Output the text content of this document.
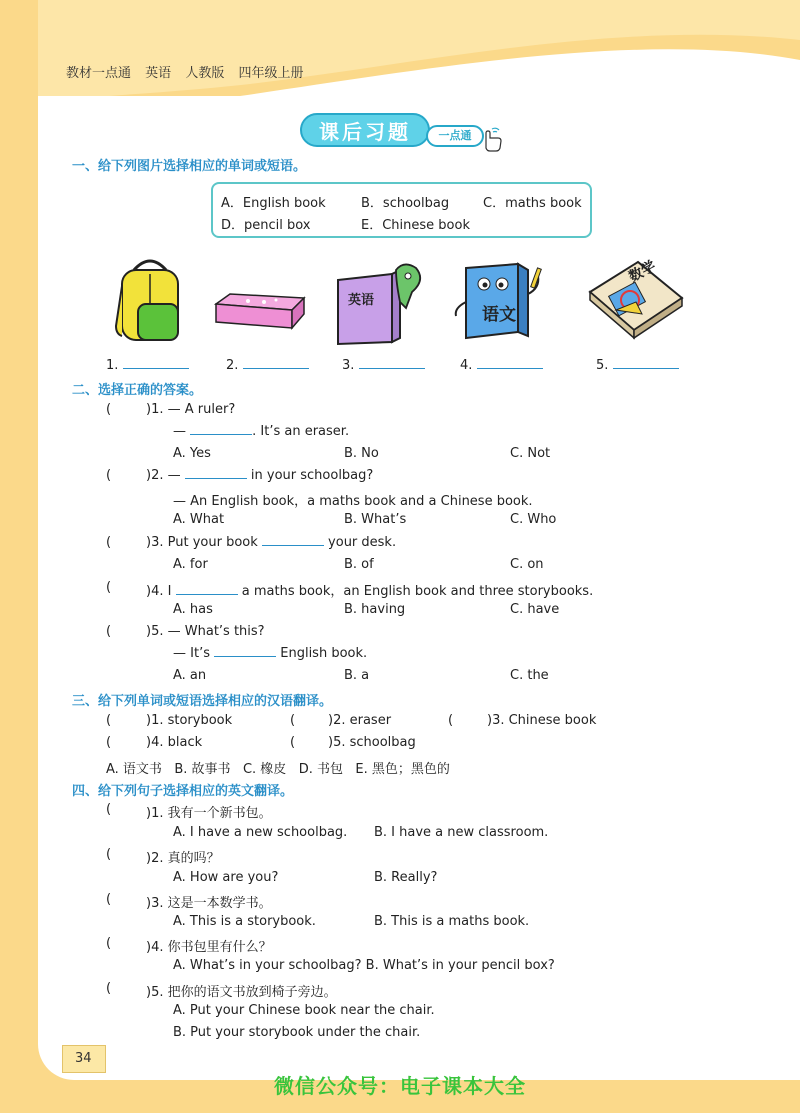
教材一点通 英语 人教版 四年级上册
课后习题	一点通
一、给下列图片选择相应的单词或短语。
A．English book	B．schoolbag	C．maths book
D．pencil box	E．Chinese book
英语
语文
数学
1.	2.	3.	4.	5.
二、选择正确的答案。
(	)1. — A ruler?
—	. It’s an eraser.
A. Yes	B. No	C. Not
(	)2. —	in your schoolbag?
— An English book，a maths book and a Chinese book.
A. What	B. What’s	C. Who
(	)3. Put your book	your desk.
A. for	B. of	C. on
(	)4. I	a maths book，an English book and three storybooks.
A. has	B. having	C. have
(	)5. — What’s this?
— It’s	English book.
A. an	B. a	C. the
三、给下列单词或短语选择相应的汉语翻译。
(	)1. storybook	(	)2. eraser	(	)3. Chinese book
(	)4. black	(	)5. schoolbag
A. 语文书 B. 故事书 C. 橡皮 D. 书包 E. 黑色；黑色的
四、给下列句子选择相应的英文翻译。
(	)1. 我有一个新书包。
A. I have a new schoolbag. B. I have a new classroom.
(	)2. 真的吗？
A. How are you?	B. Really?
(	)3. 这是一本数学书。
A. This is a storybook.	B. This is a maths book.
(	)4. 你书包里有什么？
A. What’s in your schoolbag? B. What’s in your pencil box?
(	)5. 把你的语文书放到椅子旁边。
A. Put your Chinese book near the chair.
B. Put your storybook under the chair.
34
微信公众号：电子课本大全
